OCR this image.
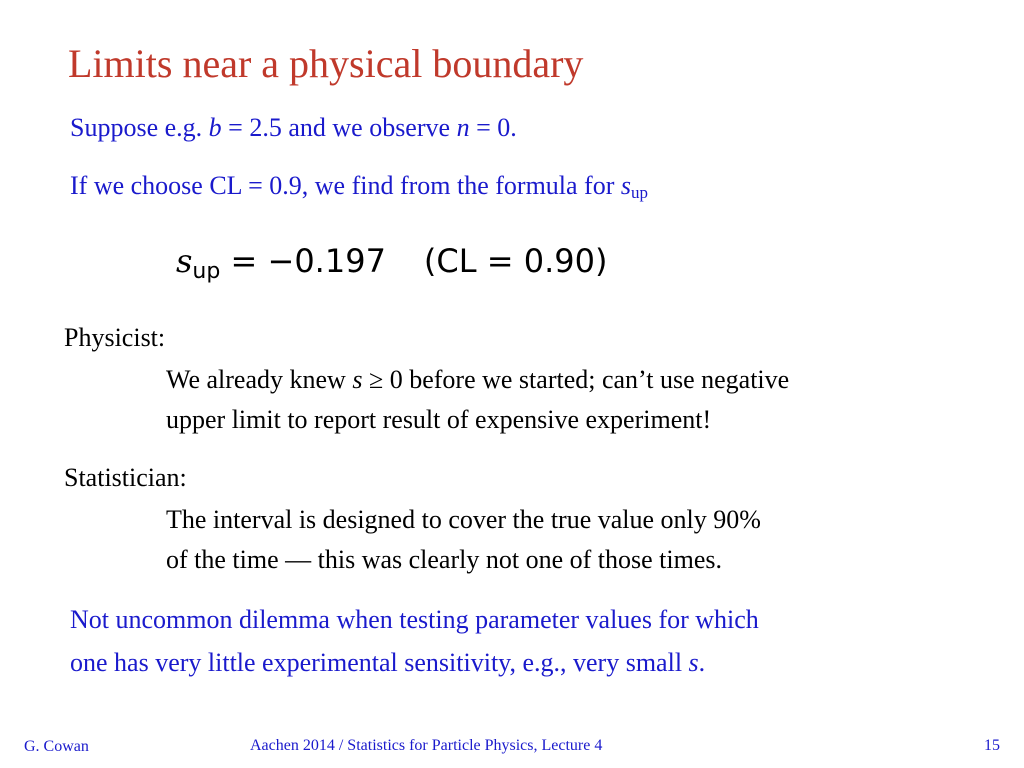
Limits near a physical boundary
Suppose e.g. b = 2.5 and we observe n = 0.
If we choose CL = 0.9, we find from the formula for $s_{up}$
$s_{up} = -0.197$ (CL = 0.90)
Physicist:
We already knew s ≥ 0 before we started; can’t use negative
upper limit to report result of expensive experiment!
Statistician:
The interval is designed to cover the true value only 90%
of the time — this was clearly not one of those times.
Not uncommon dilemma when testing parameter values for which
one has very little experimental sensitivity, e.g., very small s.
G. Cowan	Aachen 2014 / Statistics for Particle Physics, Lecture 4	15
